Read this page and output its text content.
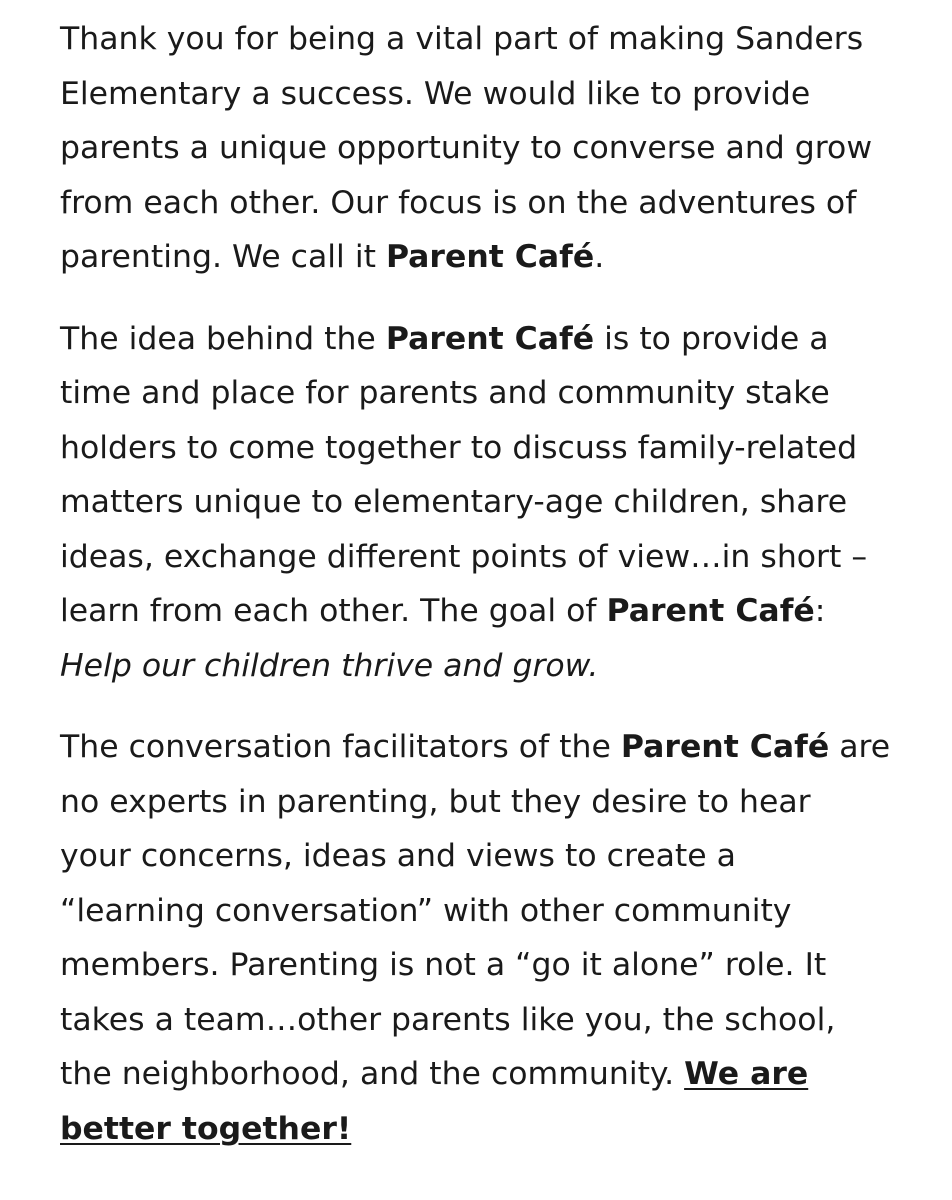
Thank you for being a vital part of making Sanders
Elementary a success. We would like to provide
parents a unique opportunity to converse and grow
from each other. Our focus is on the adventures of
parenting. We call it Parent Café.

The idea behind the Parent Café is to provide a
time and place for parents and community stake
holders to come together to discuss family-related
matters unique to elementary-age children, share
ideas, exchange different points of view…in short –
learn from each other. The goal of Parent Café:
Help our children thrive and grow.

The conversation facilitators of the Parent Café are
no experts in parenting, but they desire to hear
your concerns, ideas and views to create a
“learning conversation” with other community
members. Parenting is not a “go it alone” role. It
takes a team…other parents like you, the school,
the neighborhood, and the community. We are
better together!
